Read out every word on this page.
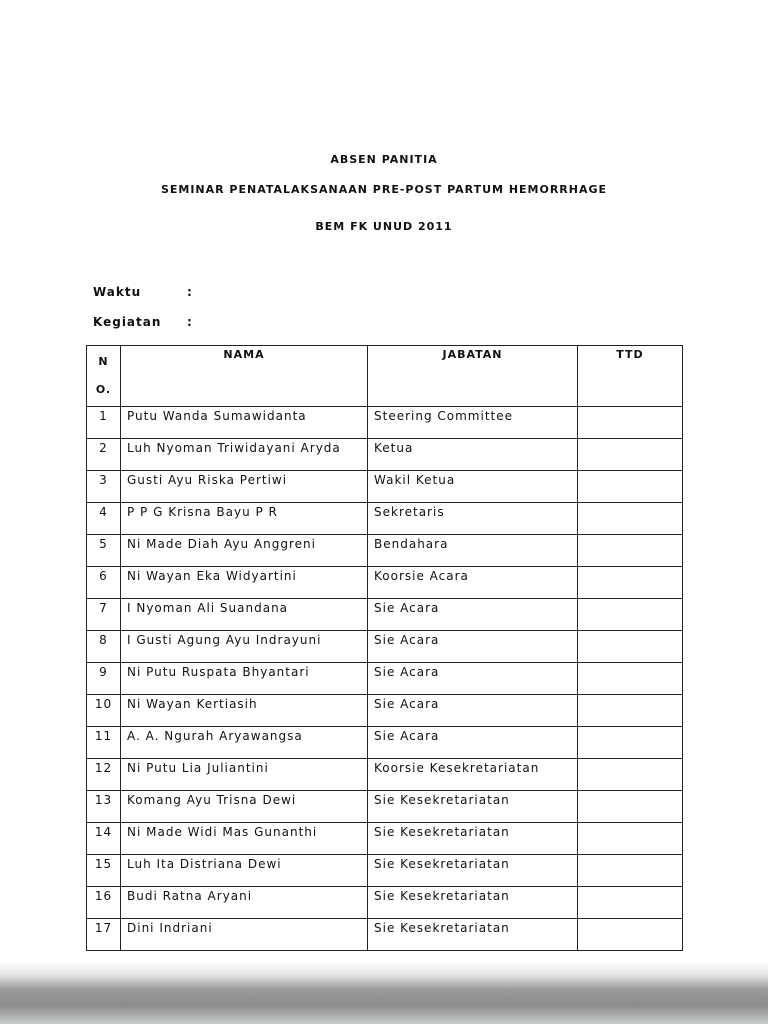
ABSEN PANITIA
SEMINAR PENATALAKSANAAN PRE-POST PARTUM HEMORRHAGE
BEM FK UNUD 2011
Waktu	:
Kegiatan :
N
O.	NAMA	JABATAN	TTD
1	Putu Wanda Sumawidanta	Steering Committee	
2	Luh Nyoman Triwidayani Aryda	Ketua	
3	Gusti Ayu Riska Pertiwi	Wakil Ketua	
4	P P G Krisna Bayu P R	Sekretaris	
5	Ni Made Diah Ayu Anggreni	Bendahara	
6	Ni Wayan Eka Widyartini	Koorsie Acara	
7	I Nyoman Ali Suandana	Sie Acara	
8	I Gusti Agung Ayu Indrayuni	Sie Acara	
9	Ni Putu Ruspata Bhyantari	Sie Acara	
10	Ni Wayan Kertiasih	Sie Acara	
11	A. A. Ngurah Aryawangsa	Sie Acara	
12	Ni Putu Lia Juliantini	Koorsie Kesekretariatan	
13	Komang Ayu Trisna Dewi	Sie Kesekretariatan	
14	Ni Made Widi Mas Gunanthi	Sie Kesekretariatan	
15	Luh Ita Distriana Dewi	Sie Kesekretariatan	
16	Budi Ratna Aryani	Sie Kesekretariatan	
17	Dini Indriani	Sie Kesekretariatan	
